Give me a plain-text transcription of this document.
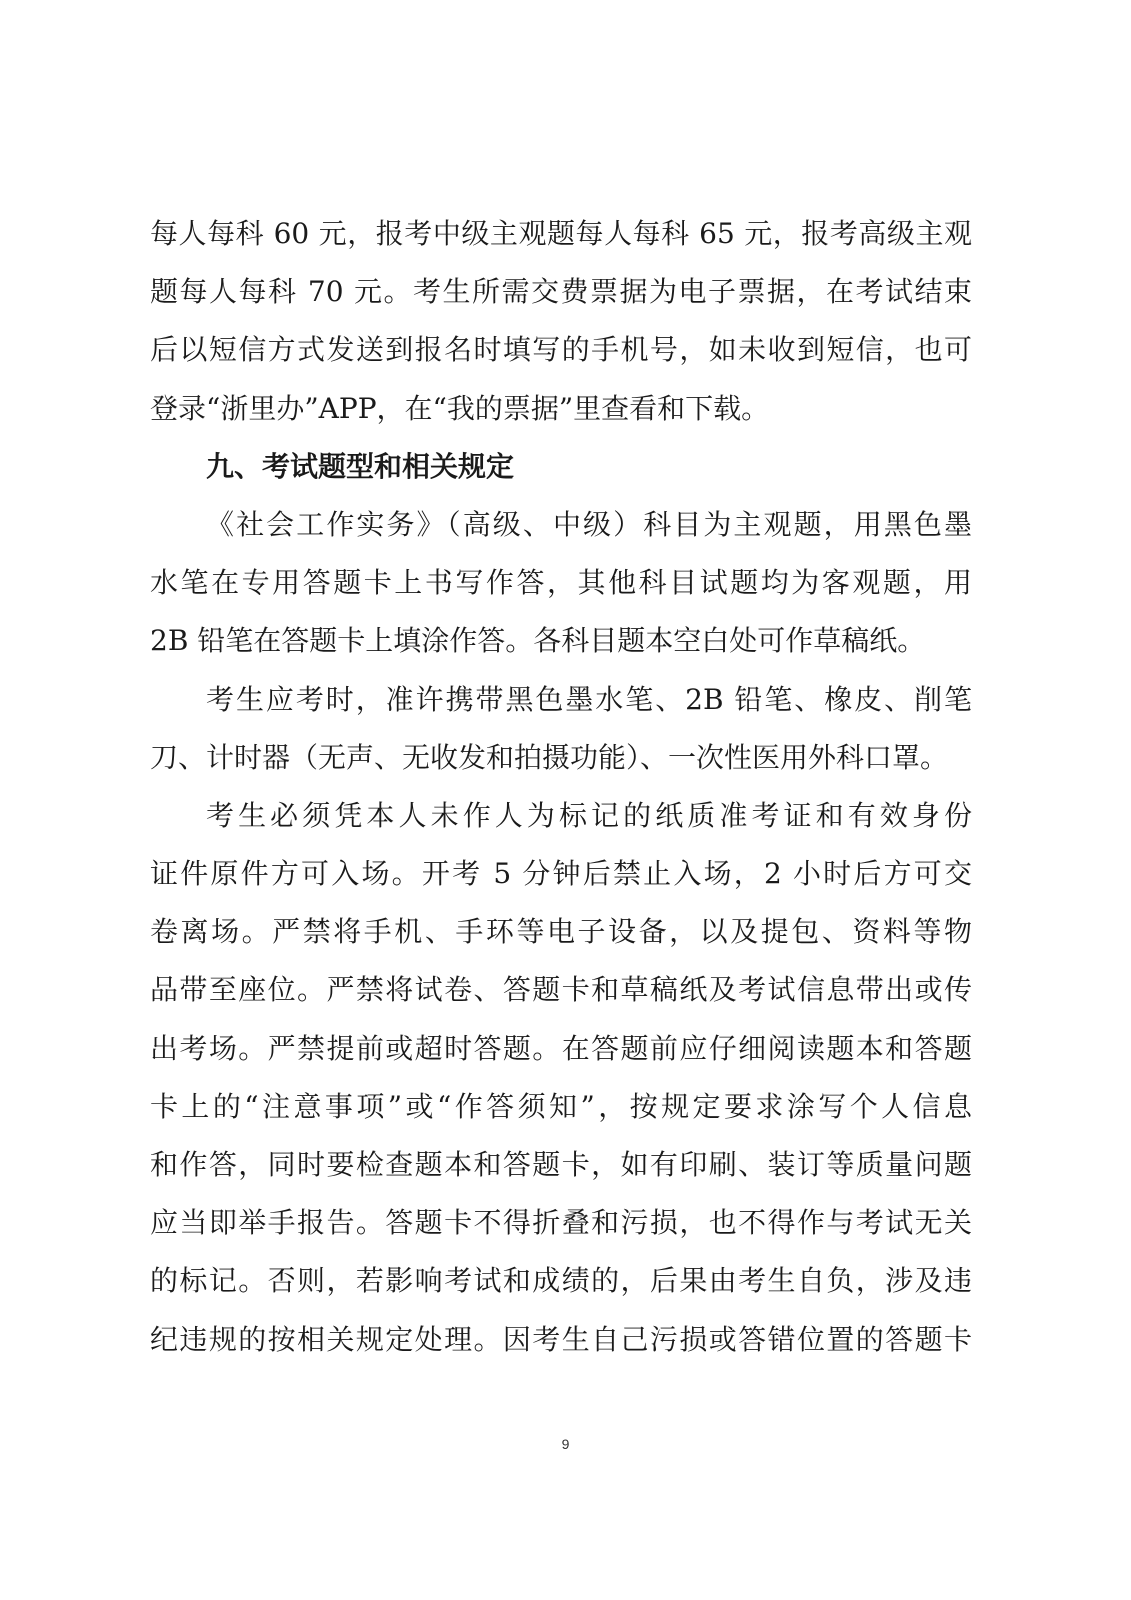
每人每科 60 元，报考中级主观题每人每科 65 元，报考高级主观
题每人每科 70 元。考生所需交费票据为电子票据，在考试结束
后以短信方式发送到报名时填写的手机号，如未收到短信，也可
登录“浙里办”APP，在“我的票据”里查看和下载。
九、考试题型和相关规定
《社会工作实务》（高级、中级）科目为主观题，用黑色墨
水笔在专用答题卡上书写作答，其他科目试题均为客观题，用
2B 铅笔在答题卡上填涂作答。各科目题本空白处可作草稿纸。
考生应考时，准许携带黑色墨水笔、2B 铅笔、橡皮、削笔
刀、计时器（无声、无收发和拍摄功能）、一次性医用外科口罩。
考生必须凭本人未作人为标记的纸质准考证和有效身份
证件原件方可入场。开考 5 分钟后禁止入场，2 小时后方可交
卷离场。严禁将手机、手环等电子设备，以及提包、资料等物
品带至座位。严禁将试卷、答题卡和草稿纸及考试信息带出或传
出考场。严禁提前或超时答题。在答题前应仔细阅读题本和答题
卡上的“注意事项”或“作答须知”，按规定要求涂写个人信息
和作答，同时要检查题本和答题卡，如有印刷、装订等质量问题
应当即举手报告。答题卡不得折叠和污损，也不得作与考试无关
的标记。否则，若影响考试和成绩的，后果由考生自负，涉及违
纪违规的按相关规定处理。因考生自己污损或答错位置的答题卡
9
